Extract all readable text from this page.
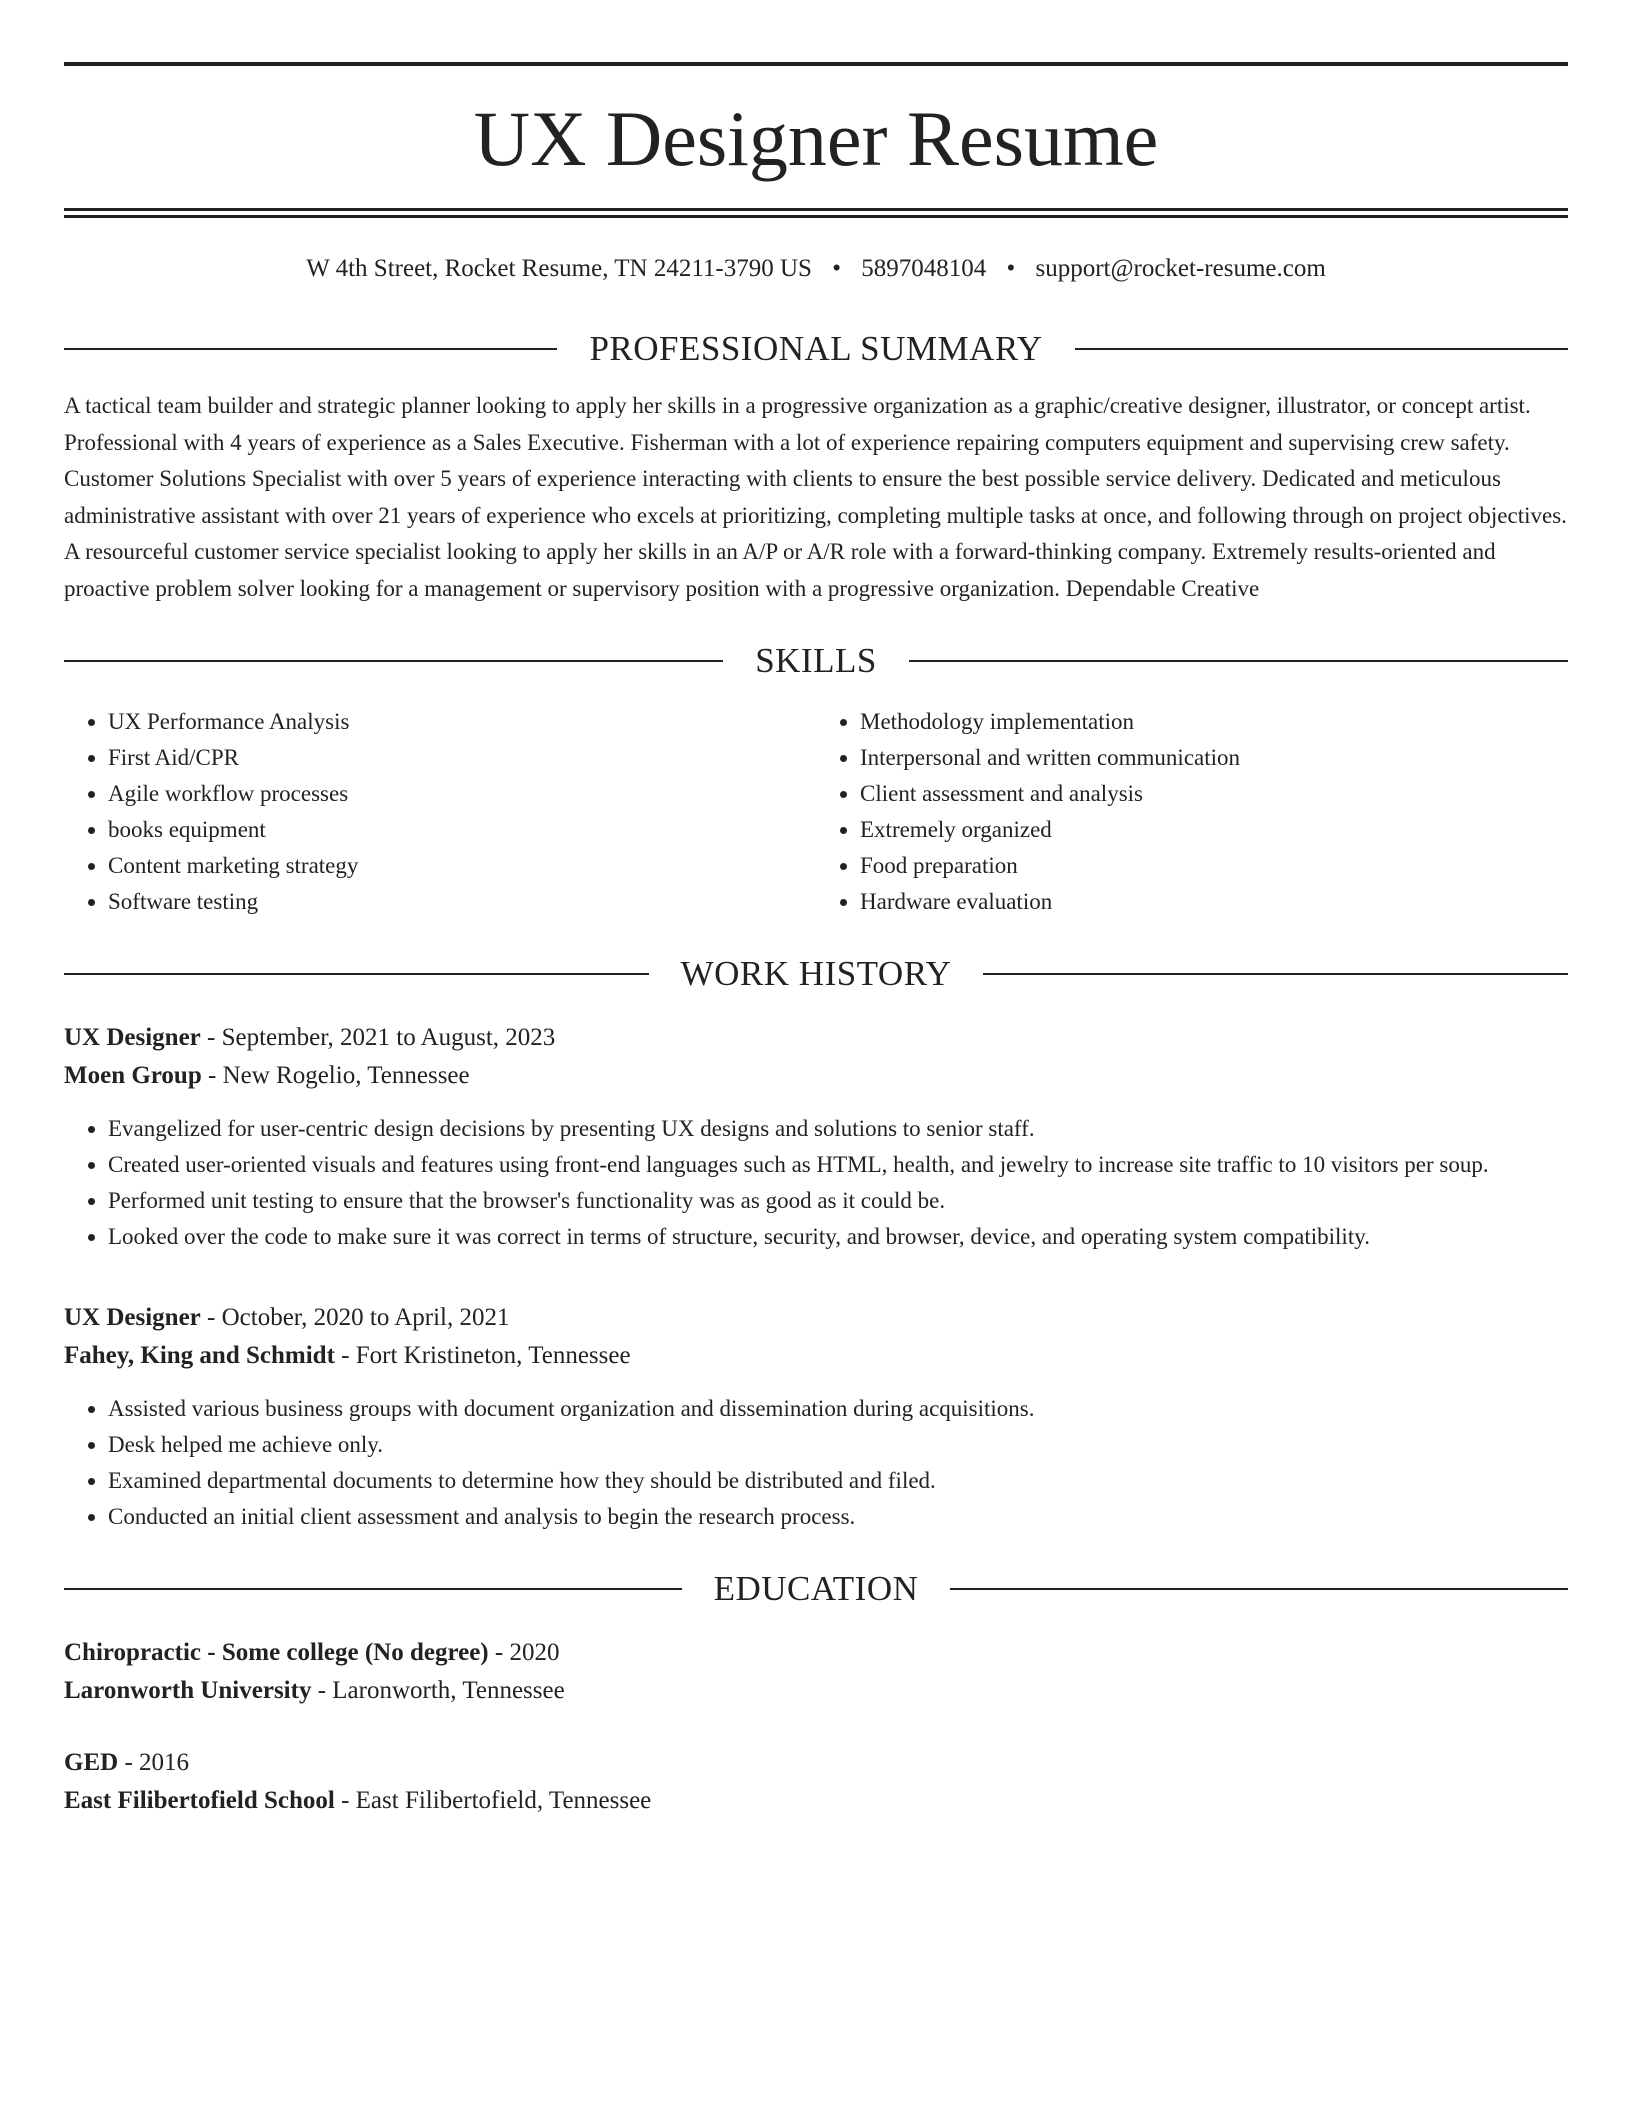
UX Designer Resume
W 4th Street, Rocket Resume, TN 24211-3790 US • 5897048104 • support@rocket-resume.com
PROFESSIONAL SUMMARY

A tactical team builder and strategic planner looking to apply her skills in a progressive organization as a graphic/creative designer, illustrator, or concept artist. Professional with 4 years of experience as a Sales Executive. Fisherman with a lot of experience repairing computers equipment and supervising crew safety. Customer Solutions Specialist with over 5 years of experience interacting with clients to ensure the best possible service delivery. Dedicated and meticulous administrative assistant with over 21 years of experience who excels at prioritizing, completing multiple tasks at once, and following through on project objectives. A resourceful customer service specialist looking to apply her skills in an A/P or A/R role with a forward-thinking company. Extremely results-oriented and proactive problem solver looking for a management or supervisory position with a progressive organization. Dependable Creative

SKILLS
• UX Performance Analysis
• First Aid/CPR
• Agile workflow processes
• books equipment
• Content marketing strategy
• Software testing
• Methodology implementation
• Interpersonal and written communication
• Client assessment and analysis
• Extremely organized
• Food preparation
• Hardware evaluation
WORK HISTORY
UX Designer - September, 2021 to August, 2023
Moen Group - New Rogelio, Tennessee
• Evangelized for user-centric design decisions by presenting UX designs and solutions to senior staff.
• Created user-oriented visuals and features using front-end languages such as HTML, health, and jewelry to increase site traffic to 10 visitors per soup.
• Performed unit testing to ensure that the browser's functionality was as good as it could be.
• Looked over the code to make sure it was correct in terms of structure, security, and browser, device, and operating system compatibility.
UX Designer - October, 2020 to April, 2021
Fahey, King and Schmidt - Fort Kristineton, Tennessee
• Assisted various business groups with document organization and dissemination during acquisitions.
• Desk helped me achieve only.
• Examined departmental documents to determine how they should be distributed and filed.
• Conducted an initial client assessment and analysis to begin the research process.
EDUCATION
Chiropractic - Some college (No degree) - 2020
Laronworth University - Laronworth, Tennessee
GED - 2016
East Filibertofield School - East Filibertofield, Tennessee
